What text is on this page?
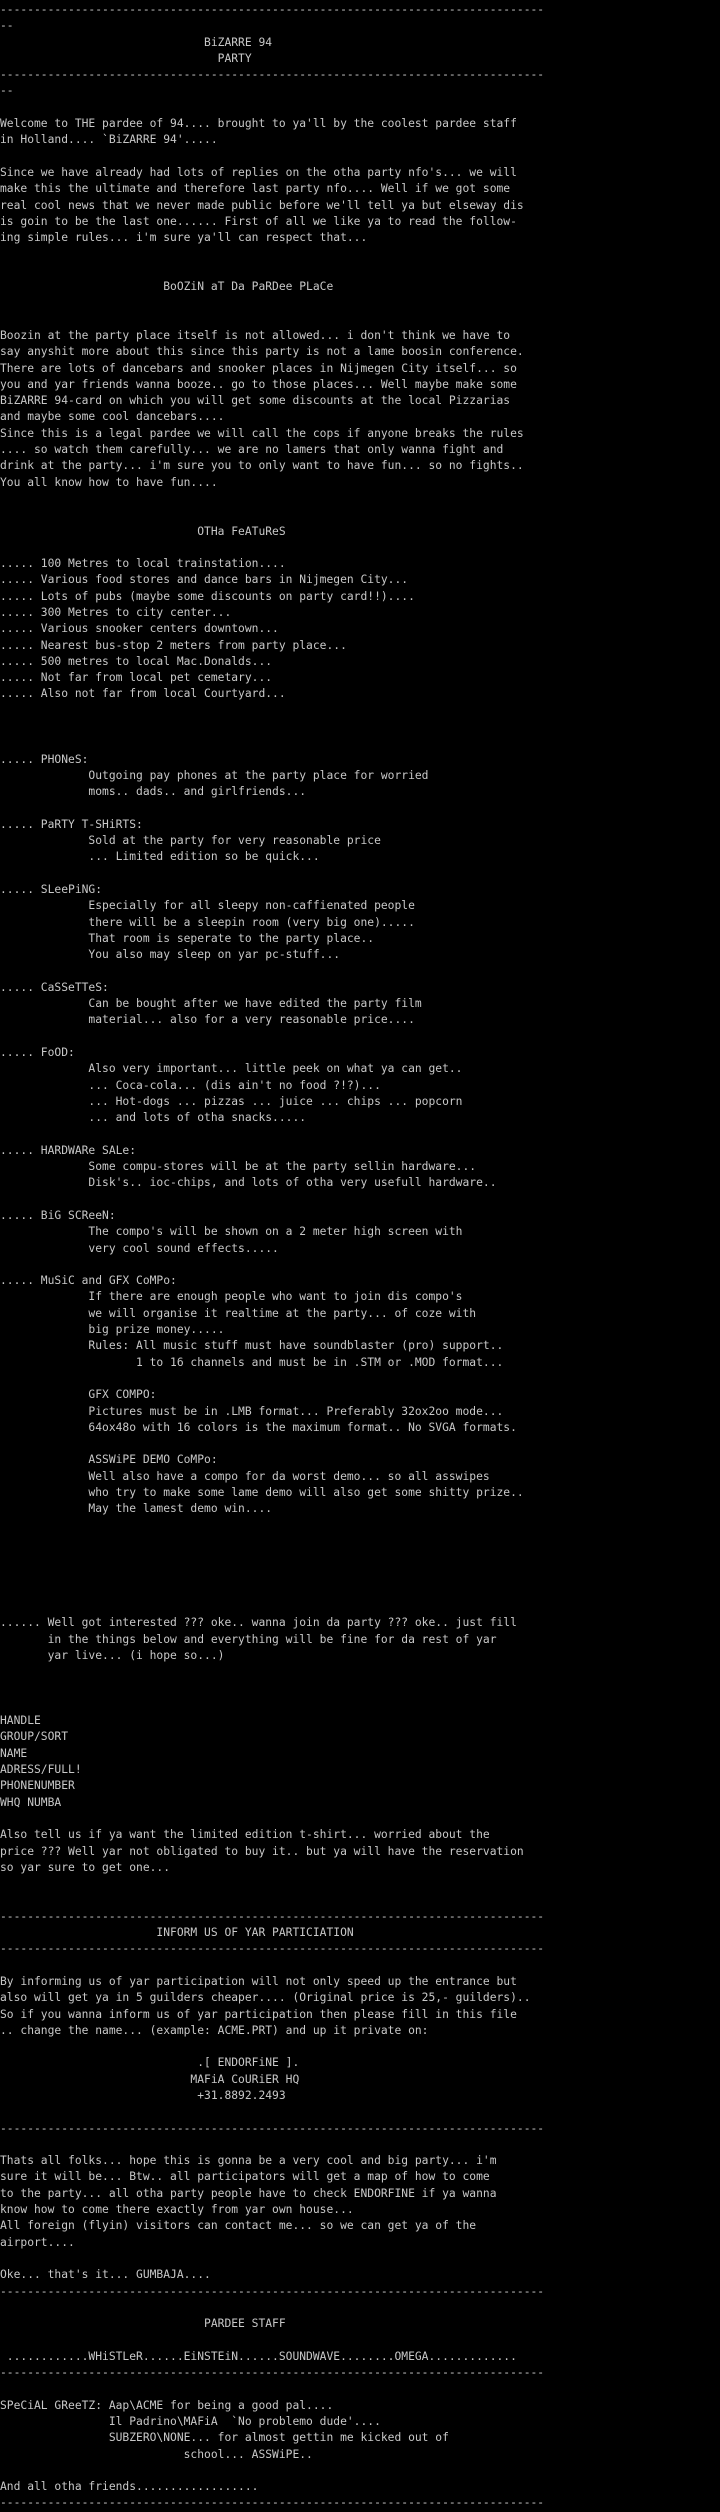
--------------------------------------------------------------------------------
--
BiZARRE 94
PARTY
--------------------------------------------------------------------------------
--
Welcome to THE pardee of 94.... brought to ya'll by the coolest pardee staff
in Holland.... `BiZARRE 94'.....
Since we have already had lots of replies on the otha party nfo's... we will
make this the ultimate and therefore last party nfo.... Well if we got some
real cool news that we never made public before we'll tell ya but elseway dis
is goin to be the last one...... First of all we like ya to read the follow-
ing simple rules... i'm sure ya'll can respect that...
BoOZiN aT Da PaRDee PLaCe
Boozin at the party place itself is not allowed... i don't think we have to
say anyshit more about this since this party is not a lame boosin conference.
There are lots of dancebars and snooker places in Nijmegen City itself... so
you and yar friends wanna booze.. go to those places... Well maybe make some
BiZARRE 94-card on which you will get some discounts at the local Pizzarias
and maybe some cool dancebars....
Since this is a legal pardee we will call the cops if anyone breaks the rules
.... so watch them carefully... we are no lamers that only wanna fight and
drink at the party... i'm sure you to only want to have fun... so no fights..
You all know how to have fun....
OTHa FeATuReS
..... 100 Metres to local trainstation....
..... Various food stores and dance bars in Nijmegen City...
..... Lots of pubs (maybe some discounts on party card!!)....
..... 300 Metres to city center...
..... Various snooker centers downtown...
..... Nearest bus-stop 2 meters from party place...
..... 500 metres to local Mac.Donalds...
..... Not far from local pet cemetary...
..... Also not far from local Courtyard...
..... PHONeS:
Outgoing pay phones at the party place for worried
moms.. dads.. and girlfriends...
..... PaRTY T-SHiRTS:
Sold at the party for very reasonable price
... Limited edition so be quick...
..... SLeePiNG:
Especially for all sleepy non-caffienated people
there will be a sleepin room (very big one).....
That room is seperate to the party place..
You also may sleep on yar pc-stuff...
..... CaSSeTTeS:
Can be bought after we have edited the party film
material... also for a very reasonable price....
..... FoOD:
Also very important... little peek on what ya can get..
... Coca-cola... (dis ain't no food ?!?)...
... Hot-dogs ... pizzas ... juice ... chips ... popcorn
... and lots of otha snacks.....
..... HARDWARe SALe:
Some compu-stores will be at the party sellin hardware...
Disk's.. ioc-chips, and lots of otha very usefull hardware..
..... BiG SCReeN:
The compo's will be shown on a 2 meter high screen with
very cool sound effects.....
..... MuSiC and GFX CoMPo:
If there are enough people who want to join dis compo's
we will organise it realtime at the party... of coze with
big prize money.....
Rules: All music stuff must have soundblaster (pro) support..
1 to 16 channels and must be in .STM or .MOD format...
GFX COMPO:
Pictures must be in .LMB format... Preferably 32ox2oo mode...
64ox48o with 16 colors is the maximum format.. No SVGA formats.
ASSWiPE DEMO CoMPo:
Well also have a compo for da worst demo... so all asswipes
who try to make some lame demo will also get some shitty prize..
May the lamest demo win....
...... Well got interested ??? oke.. wanna join da party ??? oke.. just fill
in the things below and everything will be fine for da rest of yar
yar live... (i hope so...)
HANDLE
GROUP/SORT
NAME
ADRESS/FULL!
PHONENUMBER
WHQ NUMBA
Also tell us if ya want the limited edition t-shirt... worried about the
price ??? Well yar not obligated to buy it.. but ya will have the reservation
so yar sure to get one...
--------------------------------------------------------------------------------
INFORM US OF YAR PARTICIATION
--------------------------------------------------------------------------------
By informing us of yar participation will not only speed up the entrance but
also will get ya in 5 guilders cheaper.... (Original price is 25,- guilders)..
So if you wanna inform us of yar participation then please fill in this file
.. change the name... (example: ACME.PRT) and up it private on:
.[ ENDORFiNE ].
MAFiA CoURiER HQ
+31.8892.2493
--------------------------------------------------------------------------------
Thats all folks... hope this is gonna be a very cool and big party... i'm
sure it will be... Btw.. all participators will get a map of how to come
to the party... all otha party people have to check ENDORFINE if ya wanna
know how to come there exactly from yar own house...
All foreign (flyin) visitors can contact me... so we can get ya of the
airport....
Oke... that's it... GUMBAJA....
--------------------------------------------------------------------------------
PARDEE STAFF
............WHiSTLeR......EiNSTEiN......SOUNDWAVE........OMEGA.............
--------------------------------------------------------------------------------
SPeCiAL GReeTZ: Aap\ACME for being a good pal....
Il Padrino\MAFiA  `No problemo dude'....
SUBZERO\NONE... for almost gettin me kicked out of
school... ASSWiPE..
And all otha friends..................
--------------------------------------------------------------------------------
